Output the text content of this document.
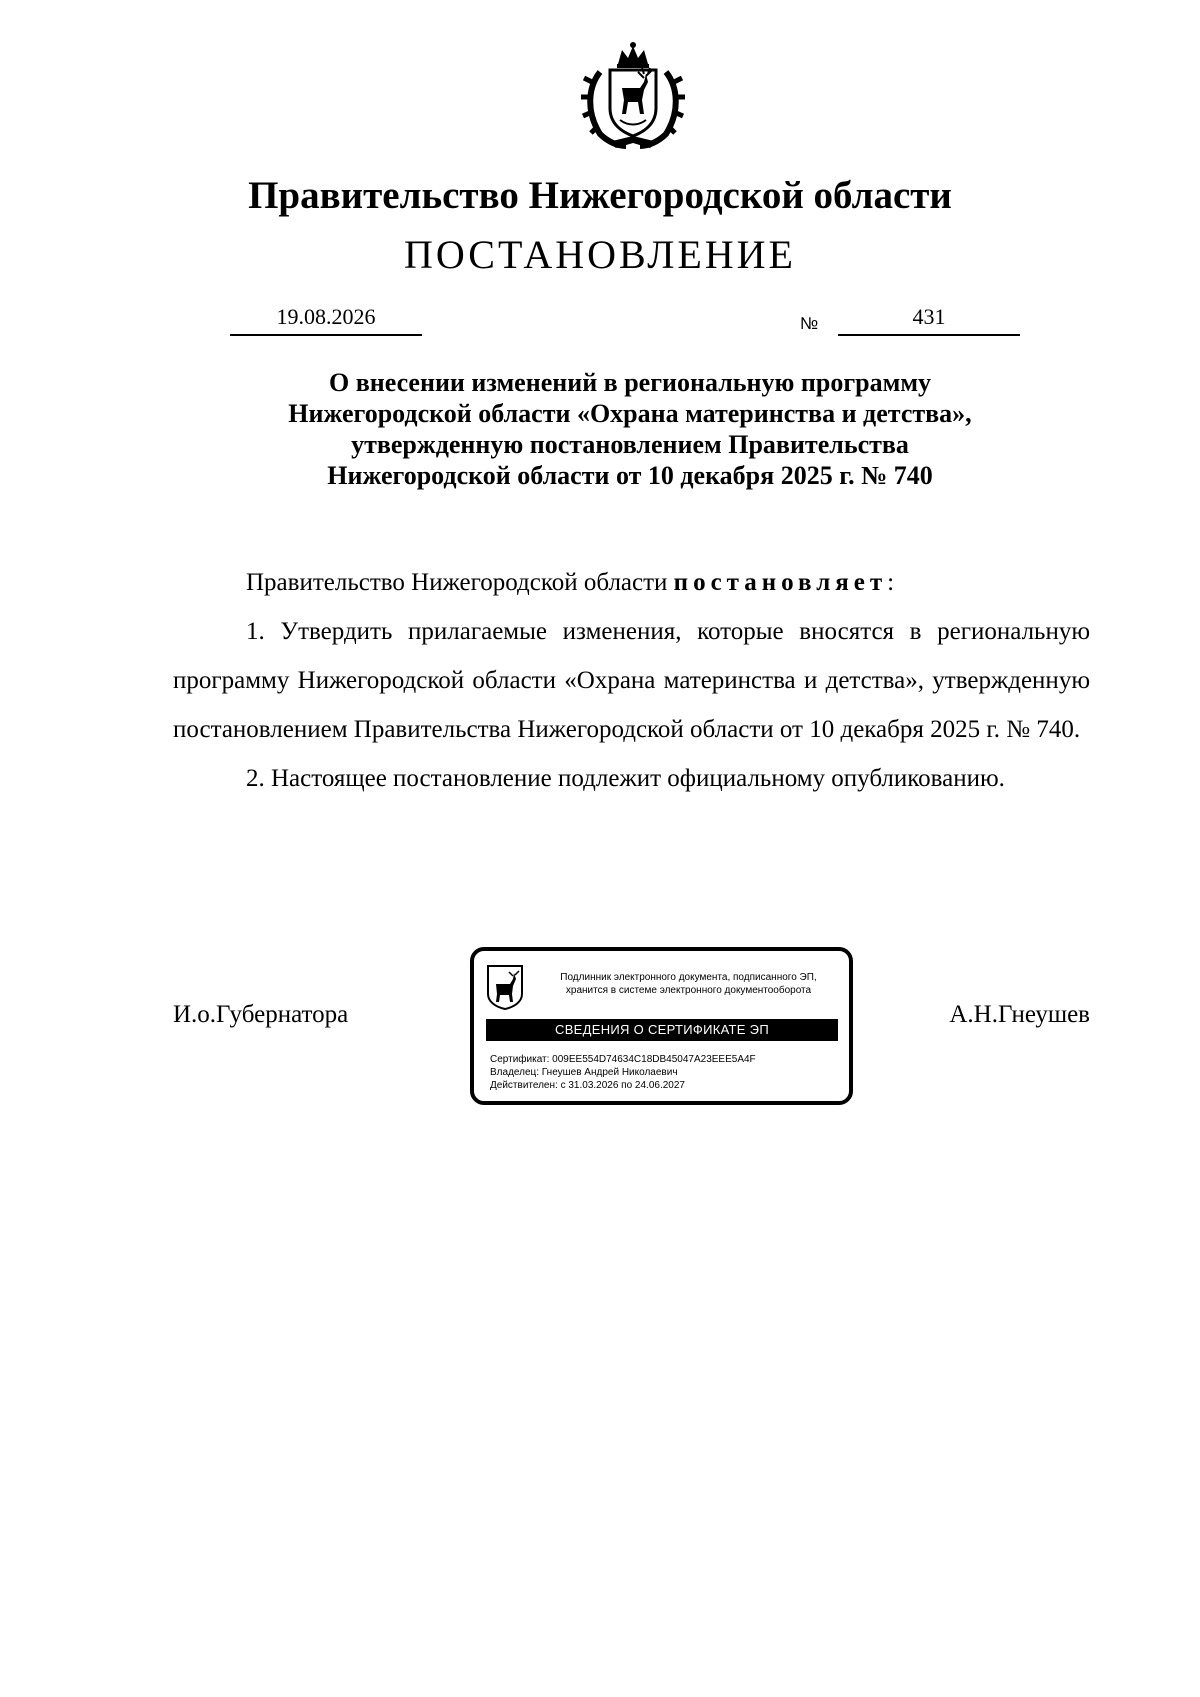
Правительство Нижегородской области
ПОСТАНОВЛЕНИЕ
19.08.2026	№	431
О внесении изменений в региональную программу
Нижегородской области «Охрана материнства и детства»,
утвержденную постановлением Правительства
Нижегородской области от 10 декабря 2025 г. № 740

Правительство Нижегородской области постановляет:

1. Утвердить прилагаемые изменения, которые вносятся в региональную программу Нижегородской области «Охрана материнства и детства», утвержденную постановлением Правительства Нижегородской области от 10 декабря 2025 г. № 740.

2. Настоящее постановление подлежит официальному опубликованию.

И.о.Губернатора	А.Н.Гнеушев
Подлинник электронного документа, подписанного ЭП,
хранится в системе электронного документооборота
СВЕДЕНИЯ О СЕРТИФИКАТЕ ЭП
Сертификат: 009EE554D74634C18DB45047A23EEE5A4F
Владелец: Гнеушев Андрей Николаевич
Действителен: с 31.03.2026 по 24.06.2027
